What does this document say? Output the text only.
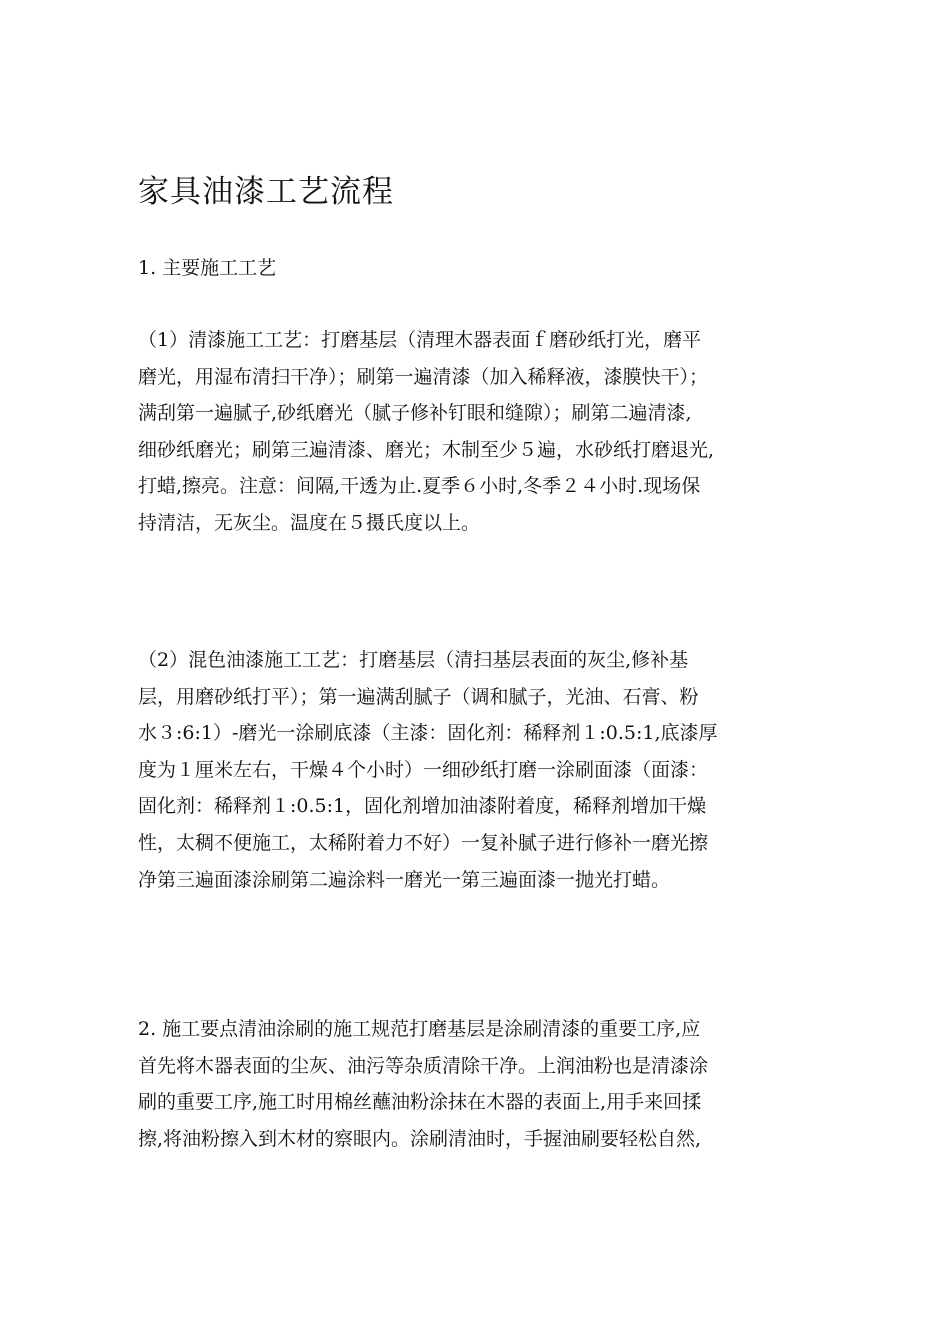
家具油漆工艺流程
1. 主要施工工艺
（1）清漆施工工艺：打磨基层（清理木器表面ｆ磨砂纸打光，磨平
磨光，用湿布清扫干净）；刷第一遍清漆（加入稀释液，漆膜快干）；
满刮第一遍腻子,砂纸磨光（腻子修补钉眼和缝隙）；刷第二遍清漆,
细砂纸磨光；刷第三遍清漆、磨光；木制至少５遍，水砂纸打磨退光,
打蜡,擦亮。注意：间隔,干透为止.夏季６小时,冬季２４小时.现场保
持清洁，无灰尘。温度在５摄氏度以上。
（2）混色油漆施工工艺：打磨基层（清扫基层表面的灰尘,修补基
层，用磨砂纸打平）；第一遍满刮腻子（调和腻子，光油、石膏、粉
水３:6:1）-磨光一涂刷底漆（主漆：固化剂：稀释剂１:0.5:1,底漆厚
度为１厘米左右，干燥４个小时）一细砂纸打磨一涂刷面漆（面漆：
固化剂：稀释剂１:0.5:1，固化剂增加油漆附着度，稀释剂增加干燥
性，太稠不便施工，太稀附着力不好）一复补腻子进行修补一磨光擦
净第三遍面漆涂刷第二遍涂料一磨光一第三遍面漆一抛光打蜡。
2. 施工要点清油涂刷的施工规范打磨基层是涂刷清漆的重要工序,应
首先将木器表面的尘灰、油污等杂质清除干净。上润油粉也是清漆涂
刷的重要工序,施工时用棉丝蘸油粉涂抹在木器的表面上,用手来回揉
擦,将油粉擦入到木材的察眼内。涂刷清油时，手握油刷要轻松自然,
